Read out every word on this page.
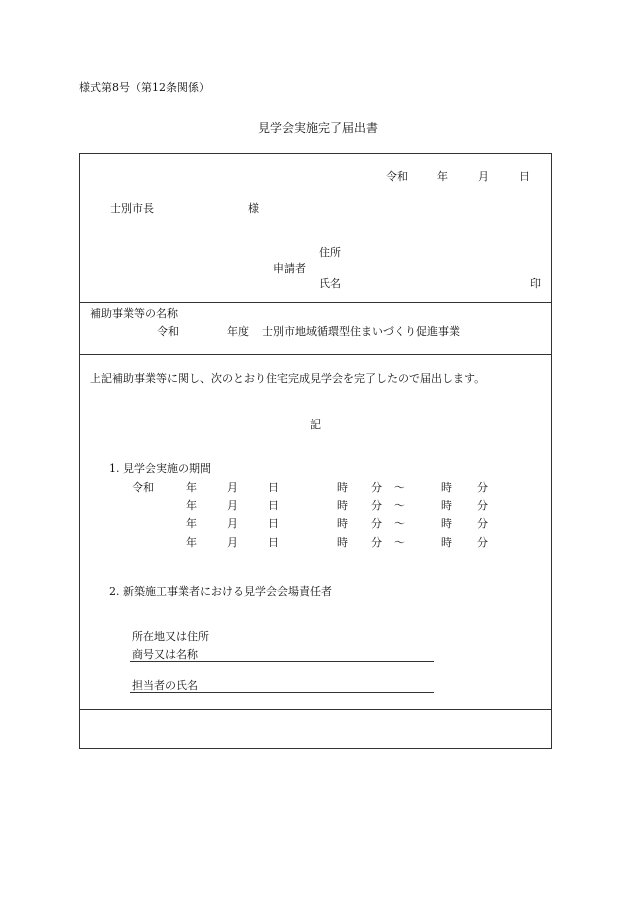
様式第8号（第12条関係）
見学会実施完了届出書
令和	年	月	日
士別市長	様
住所
申請者
氏名	印
補助事業等の名称
令和	年度 士別市地域循環型住まいづくり促進事業
上記補助事業等に関し、次のとおり住宅完成見学会を完了したので届出します。
記
1. 見学会実施の期間
令和	年	月	日	時 分 ～	時 分
年	月	日	時 分 ～	時 分
年	月	日	時 分 ～	時 分
年	月	日	時 分 ～	時 分
2. 新築施工事業者における見学会会場責任者
所在地又は住所
商号又は名称
担当者の氏名
